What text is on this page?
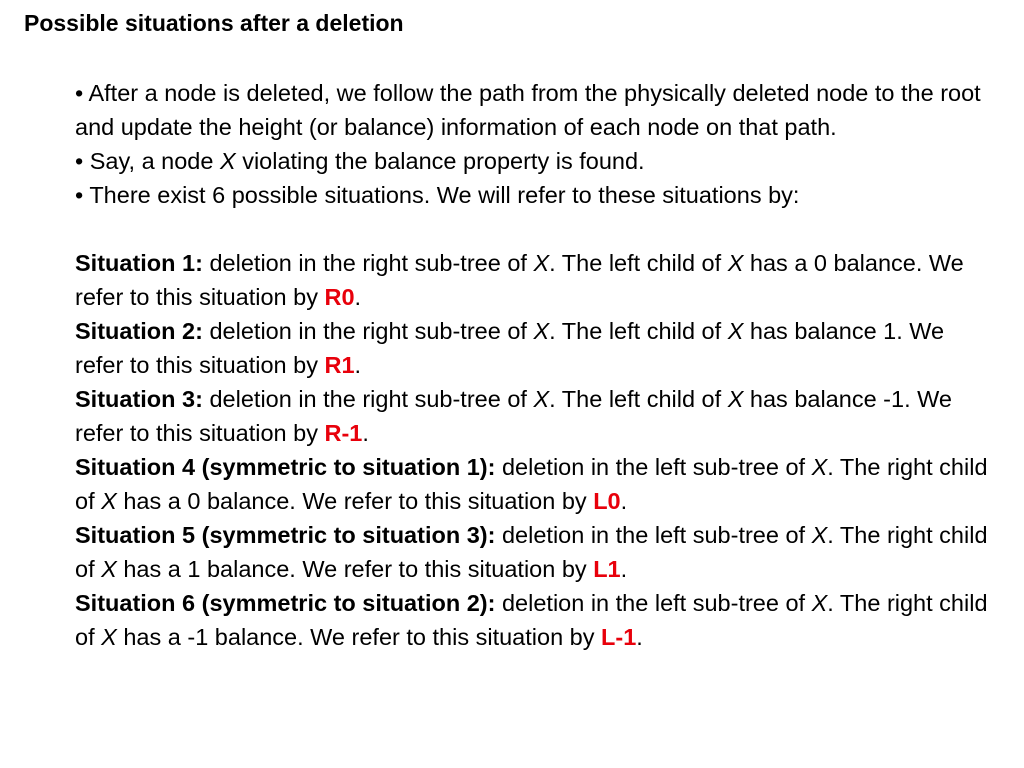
Possible situations after a deletion

• After a node is deleted, we follow the path from the physically deleted node to the root and update the height (or balance) information of each node on that path.

• Say, a node X violating the balance property is found.

• There exist 6 possible situations. We will refer to these situations by:

Situation 1: deletion in the right sub-tree of X. The left child of X has a 0 balance. We refer to this situation by R0.

Situation 2: deletion in the right sub-tree of X. The left child of X has balance 1. We refer to this situation by R1.

Situation 3: deletion in the right sub-tree of X. The left child of X has balance -1. We refer to this situation by R-1.

Situation 4 (symmetric to situation 1): deletion in the left sub-tree of X. The right child of X has a 0 balance. We refer to this situation by L0.

Situation 5 (symmetric to situation 3): deletion in the left sub-tree of X. The right child of X has a 1 balance. We refer to this situation by L1.

Situation 6 (symmetric to situation 2): deletion in the left sub-tree of X. The right child of X has a -1 balance. We refer to this situation by L-1.
